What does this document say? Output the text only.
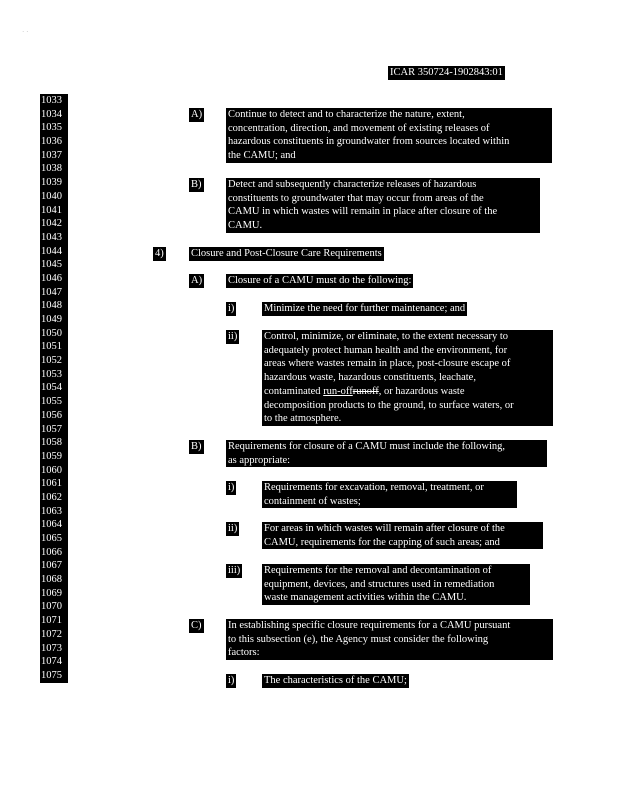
· ·
ICAR 350724-1902843:01
1033
1034
1035
1036
1037
1038
1039
1040
1041
1042
1043
1044
1045
1046
1047
1048
1049
1050
1051
1052
1053
1054
1055
1056
1057
1058
1059
1060
1061
1062
1063
1064
1065
1066
1067
1068
1069
1070
1071
1072
1073
1074
1075
A) Continue to detect and to characterize the nature, extent,
concentration, direction, and movement of existing releases of
hazardous constituents in groundwater from sources located within
the CAMU; and
B)	Detect and subsequently characterize releases of hazardous
constituents to groundwater that may occur from areas of the
CAMU in which wastes will remain in place after closure of the
CAMU.
4)	Closure and Post-Closure Care Requirements
A) Closure of a CAMU must do the following:
i)	Minimize the need for further maintenance; and
ii)	Control, minimize, or eliminate, to the extent necessary to
adequately protect human health and the environment, for
areas where wastes remain in place, post-closure escape of
hazardous waste, hazardous constituents, leachate,
contaminated run-offrunoff, or hazardous waste
decomposition products to the ground, to surface waters, or
to the atmosphere.
B)	Requirements for closure of a CAMU must include the following,
as appropriate:
i)	Requirements for excavation, removal, treatment, or
containment of wastes;
ii)	For areas in which wastes will remain after closure of the
CAMU, requirements for the capping of such areas; and
iii) Requirements for the removal and decontamination of
equipment, devices, and structures used in remediation
waste management activities within the CAMU.
C)	In establishing specific closure requirements for a CAMU pursuant
to this subsection (e), the Agency must consider the following
factors:
i)	The characteristics of the CAMU;
